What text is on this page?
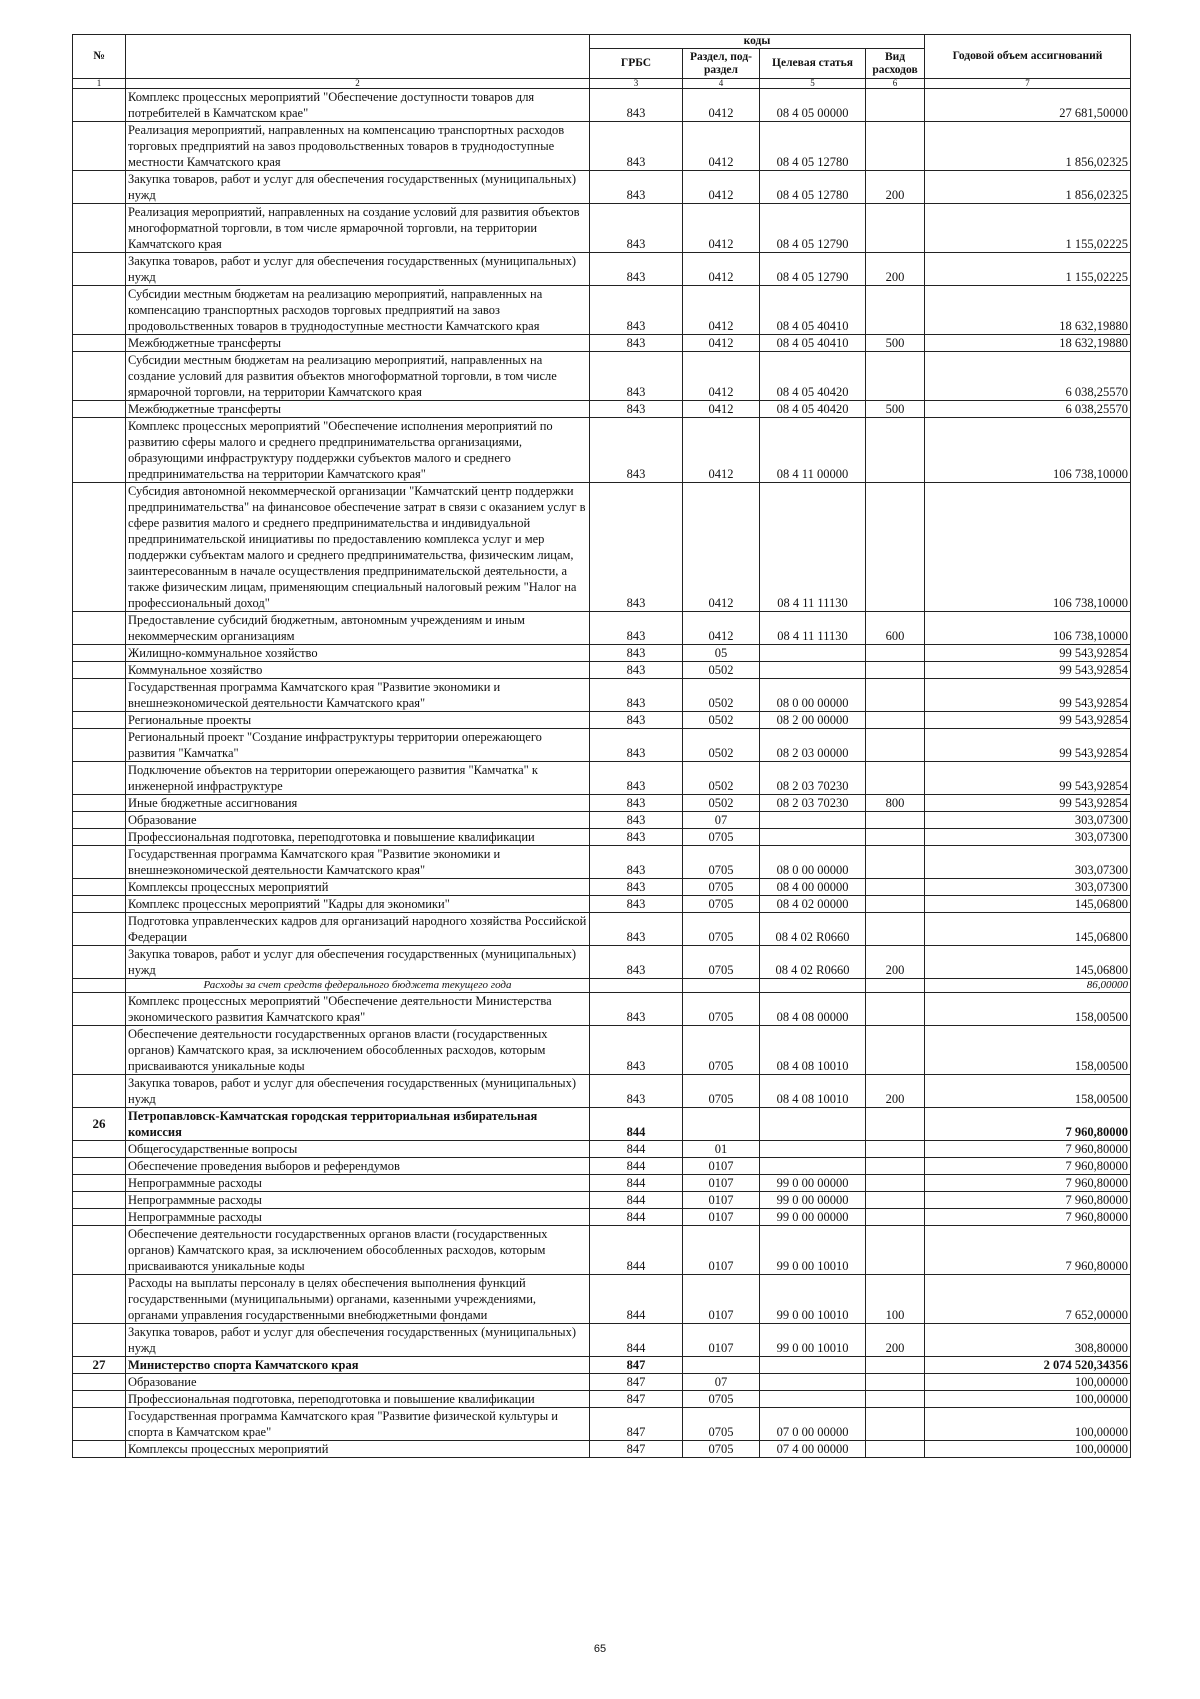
№		коды				Годовой объем ассигнований
		ГРБС	Раздел, под-раздел	Целевая статья	Вид расходов	
1	2	3	4	5	6	7
	Комплекс процессных мероприятий "Обеспечение доступности товаров для потребителей в Камчатском крае"	843	0412	08 4 05 00000		27 681,50000
	Реализация мероприятий, направленных на компенсацию транспортных расходов торговых предприятий на завоз продовольственных товаров в труднодоступные местности Камчатского края	843	0412	08 4 05 12780		1 856,02325
	Закупка товаров, работ и услуг для обеспечения государственных (муниципальных) нужд	843	0412	08 4 05 12780	200	1 856,02325
	Реализация мероприятий, направленных на создание условий для развития объектов многоформатной торговли, в том числе ярмарочной торговли, на территории Камчатского края	843	0412	08 4 05 12790		1 155,02225
	Закупка товаров, работ и услуг для обеспечения государственных (муниципальных) нужд	843	0412	08 4 05 12790	200	1 155,02225
	Субсидии местным бюджетам на реализацию мероприятий, направленных на компенсацию транспортных расходов торговых предприятий на завоз продовольственных товаров в труднодоступные местности Камчатского края	843	0412	08 4 05 40410		18 632,19880
	Межбюджетные трансферты	843	0412	08 4 05 40410	500	18 632,19880
	Субсидии местным бюджетам на реализацию мероприятий, направленных на создание условий для развития объектов многоформатной торговли, в том числе ярмарочной торговли, на территории Камчатского края	843	0412	08 4 05 40420		6 038,25570
	Межбюджетные трансферты	843	0412	08 4 05 40420	500	6 038,25570
	Комплекс процессных мероприятий "Обеспечение исполнения мероприятий по развитию сферы малого и среднего предпринимательства организациями, образующими инфраструктуру поддержки субъектов малого и среднего предпринимательства на территории Камчатского края"	843	0412	08 4 11 00000		106 738,10000
	Субсидия автономной некоммерческой организации "Камчатский центр поддержки предпринимательства" на финансовое обеспечение затрат в связи с оказанием услуг в сфере развития малого и среднего предпринимательства и индивидуальной предпринимательской инициативы по предоставлению комплекса услуг и мер поддержки субъектам малого и среднего предпринимательства, физическим лицам, заинтересованным в начале осуществления предпринимательской деятельности, а также физическим лицам, применяющим специальный налоговый режим "Налог на профессиональный доход"	843	0412	08 4 11 11130		106 738,10000
	Предоставление субсидий бюджетным, автономным учреждениям и иным некоммерческим организациям	843	0412	08 4 11 11130	600	106 738,10000
	Жилищно-коммунальное хозяйство	843	05			99 543,92854
	Коммунальное хозяйство	843	0502			99 543,92854
	Государственная программа Камчатского края "Развитие экономики и внешнеэкономической деятельности Камчатского края"	843	0502	08 0 00 00000		99 543,92854
	Региональные проекты	843	0502	08 2 00 00000		99 543,92854
	Региональный проект "Создание инфраструктуры территории опережающего развития "Камчатка"	843	0502	08 2 03 00000		99 543,92854
	Подключение объектов на территории опережающего развития "Камчатка" к инженерной инфраструктуре	843	0502	08 2 03 70230		99 543,92854
	Иные бюджетные ассигнования	843	0502	08 2 03 70230	800	99 543,92854
	Образование	843	07			303,07300
	Профессиональная подготовка, переподготовка и повышение квалификации	843	0705			303,07300
	Государственная программа Камчатского края "Развитие экономики и внешнеэкономической деятельности Камчатского края"	843	0705	08 0 00 00000		303,07300
	Комплексы процессных мероприятий	843	0705	08 4 00 00000		303,07300
	Комплекс процессных мероприятий "Кадры для экономики"	843	0705	08 4 02 00000		145,06800
	Подготовка управленческих кадров для организаций народного хозяйства Российской Федерации	843	0705	08 4 02 R0660		145,06800
	Закупка товаров, работ и услуг для обеспечения государственных (муниципальных) нужд	843	0705	08 4 02 R0660	200	145,06800
	Расходы за счет средств федерального бюджета текущего года					86,00000
	Комплекс процессных мероприятий "Обеспечение деятельности Министерства экономического развития Камчатского края"	843	0705	08 4 08 00000		158,00500
	Обеспечение деятельности государственных органов власти (государственных органов) Камчатского края, за исключением обособленных расходов, которым присваиваются уникальные коды	843	0705	08 4 08 10010		158,00500
	Закупка товаров, работ и услуг для обеспечения государственных (муниципальных) нужд	843	0705	08 4 08 10010	200	158,00500
26	Петропавловск-Камчатская городская территориальная избирательная комиссия	844				7 960,80000
	Общегосударственные вопросы	844	01			7 960,80000
	Обеспечение проведения выборов и референдумов	844	0107			7 960,80000
	Непрограммные расходы	844	0107	99 0 00 00000		7 960,80000
	Непрограммные расходы	844	0107	99 0 00 00000		7 960,80000
	Непрограммные расходы	844	0107	99 0 00 00000		7 960,80000
	Обеспечение деятельности государственных органов власти (государственных органов) Камчатского края, за исключением обособленных расходов, которым присваиваются уникальные коды	844	0107	99 0 00 10010		7 960,80000
	Расходы на выплаты персоналу в целях обеспечения выполнения функций государственными (муниципальными) органами, казенными учреждениями, органами управления государственными внебюджетными фондами	844	0107	99 0 00 10010	100	7 652,00000
	Закупка товаров, работ и услуг для обеспечения государственных (муниципальных) нужд	844	0107	99 0 00 10010	200	308,80000
27	Министерство спорта Камчатского края	847				2 074 520,34356
	Образование	847	07			100,00000
	Профессиональная подготовка, переподготовка и повышение квалификации	847	0705			100,00000
	Государственная программа Камчатского края "Развитие физической культуры и спорта в Камчатском крае"	847	0705	07 0 00 00000		100,00000
	Комплексы процессных мероприятий	847	0705	07 4 00 00000		100,00000
65
